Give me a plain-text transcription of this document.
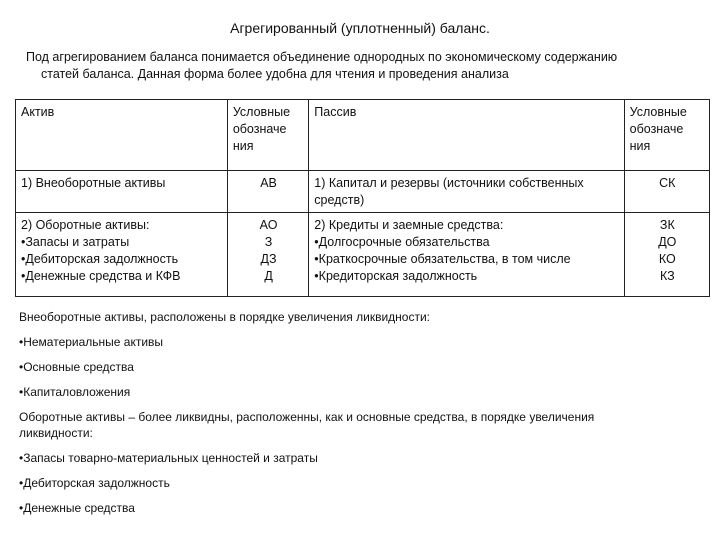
Агрегированный (уплотненный) баланс.
Под агрегированием баланса понимается объединение однородных по экономическому содержанию
статей баланса. Данная форма более удобна для чтения и проведения анализа
Актив	Условные
обозначе
ния	Пассив	Условные
обозначе
ния

1) Внеоборотные активы	АВ	1) Капитал и резервы (источники собственных
средств)	СК

2) Оборотные активы:
•Запасы и затраты
•Дебиторская задолжность
•Денежные средства и КФВ	АО
З
ДЗ
Д	2) Кредиты и заемные средства:
•Долгосрочные обязательства
•Краткосрочные обязательства, в том числе
•Кредиторская задолжность	ЗК
ДО
КО
КЗ

Внеоборотные активы, расположены в порядке увеличения ликвидности:

•Нематериальные активы
•Основные средства
•Капиталовложения

Оборотные активы – более ликвидны, расположенны, как и основные средства, в порядке увеличения
ликвидности:

•Запасы товарно-материальных ценностей и затраты
•Дебиторская задолжность
•Денежные средства
